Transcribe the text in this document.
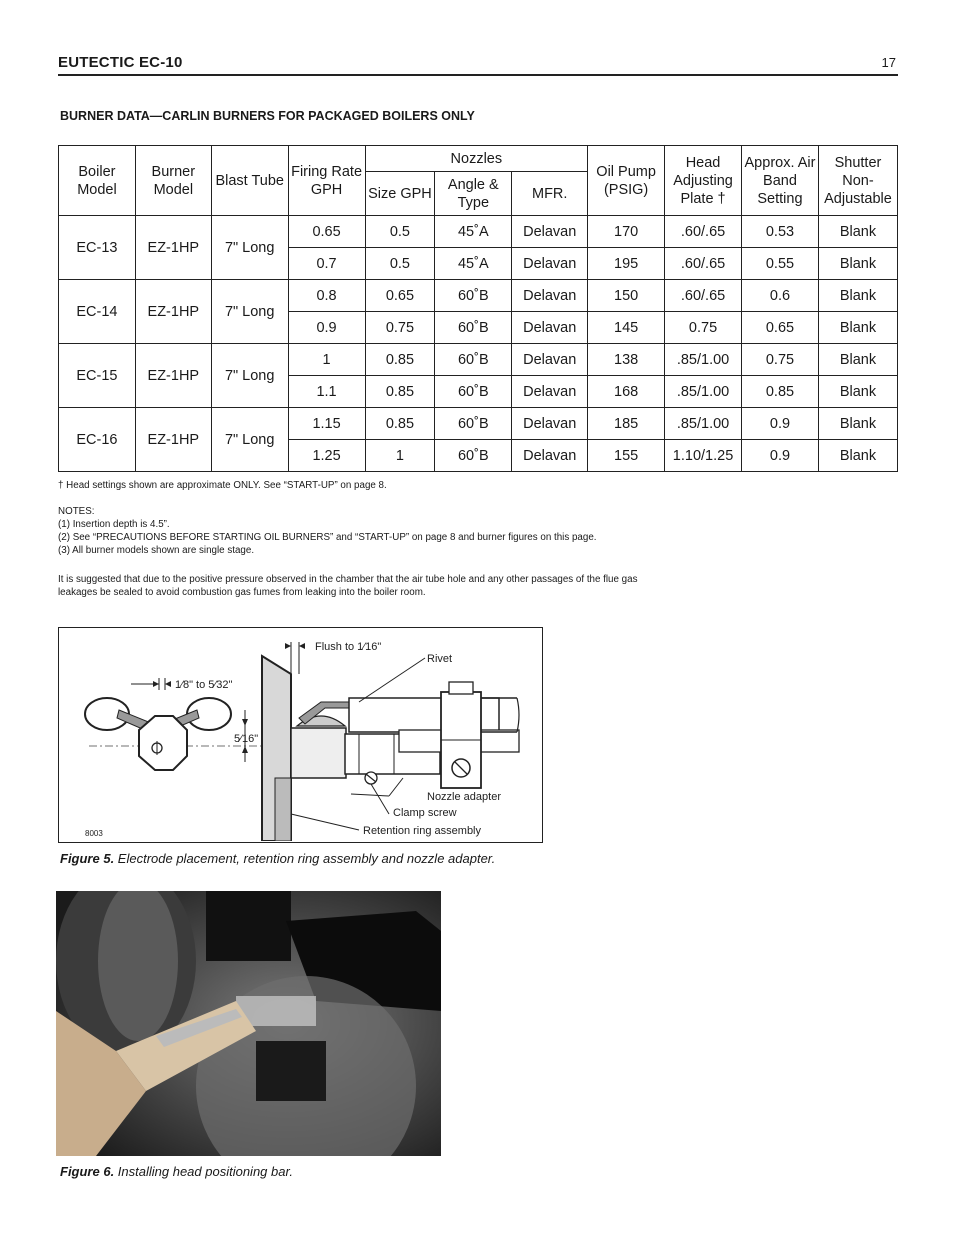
EUTECTIC EC-10	17
BURNER DATA—CARLIN BURNERS FOR PACKAGED BOILERS ONLY
Boiler Model	Burner Model	Blast Tube	Firing Rate GPH	Nozzles			Oil Pump (PSIG)	Head Adjusting Plate †	Approx. Air Band Setting	Shutter Non- Adjustable
				Size GPH	Angle & Type	MFR.				
EC-13	EZ-1HP	7" Long	0.65	0.5	45˚A	Delavan	170	.60/.65	0.53	Blank
			0.7	0.5	45˚A	Delavan	195	.60/.65	0.55	Blank
EC-14	EZ-1HP	7" Long	0.8	0.65	60˚B	Delavan	150	.60/.65	0.6	Blank
			0.9	0.75	60˚B	Delavan	145	0.75	0.65	Blank
EC-15	EZ-1HP	7" Long	1	0.85	60˚B	Delavan	138	.85/1.00	0.75	Blank
			1.1	0.85	60˚B	Delavan	168	.85/1.00	0.85	Blank
EC-16	EZ-1HP	7" Long	1.15	0.85	60˚B	Delavan	185	.85/1.00	0.9	Blank
			1.25	1	60˚B	Delavan	155	1.10/1.25	0.9	Blank
† Head settings shown are approximate ONLY. See “START-UP” on page 8.
NOTES:
(1) Insertion depth is 4.5”.
(2) See “PRECAUTIONS BEFORE STARTING OIL BURNERS” and “START-UP” on page 8 and burner figures on this page.
(3) All burner models shown are single stage.
It is suggested that due to the positive pressure observed in the chamber that the air tube hole and any other passages of the flue gas
leakages be sealed to avoid combustion gas fumes from leaking into the boiler room.
1⁄8" to 5⁄32"
5⁄16"
Flush to 1⁄16"
Rivet
Nozzle adapter
Clamp screw
Retention ring assembly
8003
Figure 5. Electrode placement, retention ring assembly and nozzle adapter.
Figure 6. Installing head positioning bar.
